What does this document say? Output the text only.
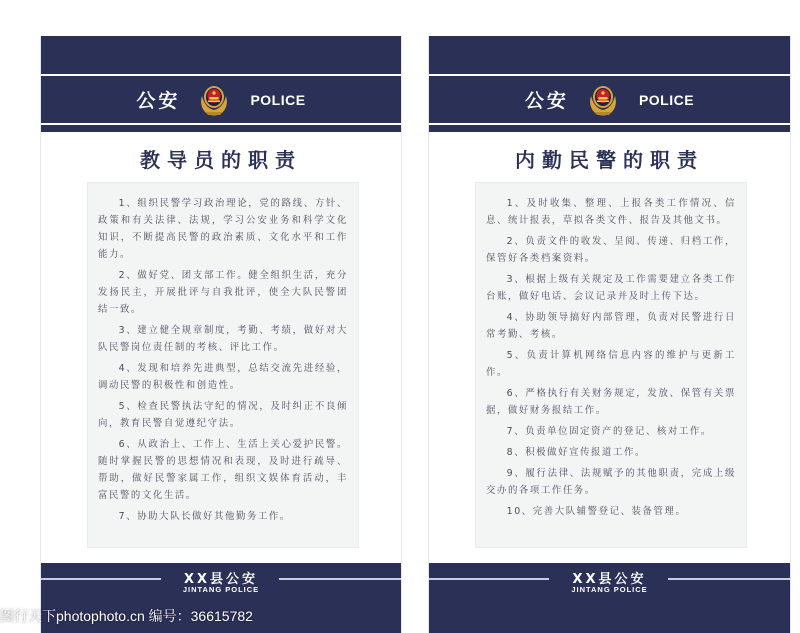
公安	POLICE
教导员的职责

1、组织民警学习政治理论，党的路线、方针、政策和有关法律、法规，学习公安业务和科学文化知识，不断提高民警的政治素质、文化水平和工作能力。

2、做好党、团支部工作。健全组织生活，充分发扬民主，开展批评与自我批评，使全大队民警团结一致。

3、建立健全规章制度，考勤、考绩，做好对大队民警岗位责任制的考核、评比工作。

4、发现和培养先进典型，总结交流先进经验，调动民警的积极性和创造性。

5、检查民警执法守纪的情况，及时纠正不良倾向，教育民警自觉遵纪守法。

6、从政治上、工作上、生活上关心爱护民警。随时掌握民警的思想情况和表现，及时进行疏导、帮助，做好民警家属工作，组织文娱体育活动，丰富民警的文化生活。

7、协助大队长做好其他勤务工作。

XX县公安
JINTANG POLICE
公安	POLICE
内勤民警的职责

1、及时收集、整理、上报各类工作情况、信息、统计报表，草拟各类文件、报告及其他文书。

2、负责文件的收发、呈阅、传递、归档工作，保管好各类档案资料。

3、根据上级有关规定及工作需要建立各类工作台账，做好电话、会议记录并及时上传下达。

4、协助领导搞好内部管理，负责对民警进行日常考勤、考核。

5、负责计算机网络信息内容的维护与更新工作。

6、严格执行有关财务规定，发放、保管有关票据，做好财务报结工作。

7、负责单位固定资产的登记、核对工作。

8、积极做好宣传报道工作。

9、履行法律、法规赋予的其他职责，完成上级交办的各项工作任务。

10、完善大队辅警登记、装备管理。

XX县公安
JINTANG POLICE
图行天下photophoto.cn 编号：36615782
